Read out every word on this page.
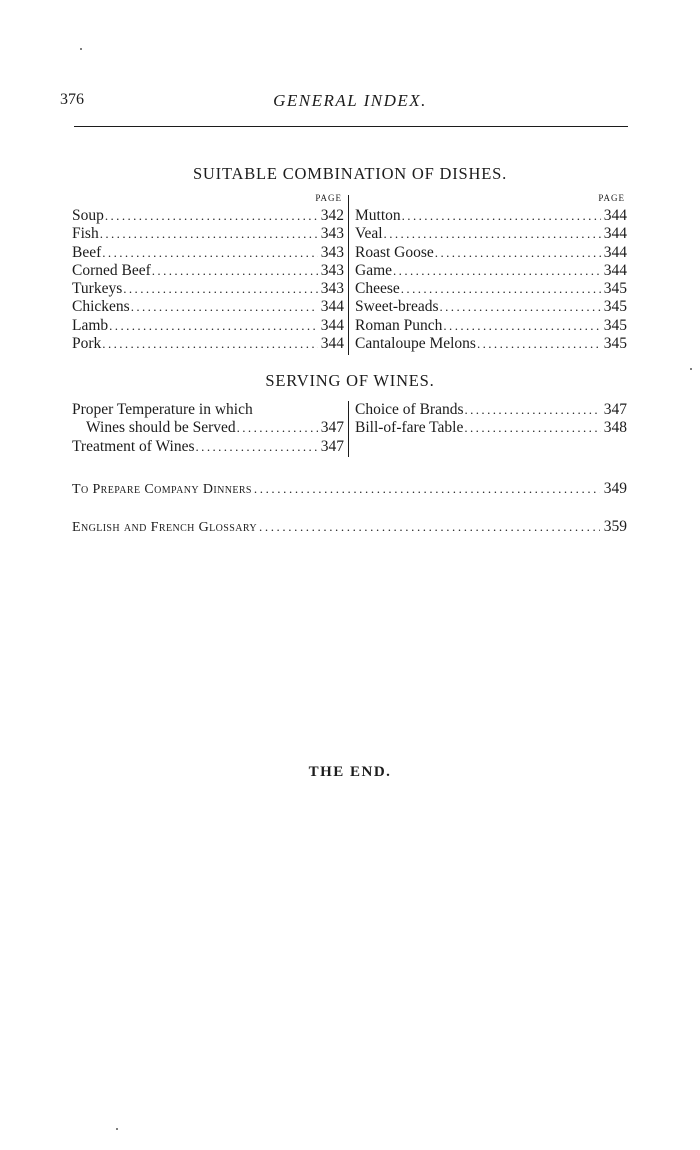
376	GENERAL INDEX.
SUITABLE COMBINATION OF DISHES.
PAGE
Soup .....	342
Fish .....	343
Beef .....	343
Corned Beef .....	343
Turkeys .....	343
Chickens .....	344
Lamb .....	344
Pork .....	344
PAGE
Mutton .....	344
Veal .....	344
Roast Goose .....	344
Game .....	344
Cheese .....	345
Sweet-breads .....	345
Roman Punch .....	345
Cantaloupe Melons .....	345
SERVING OF WINES.
Proper Temperature in which
Wines should be Served .....	347
Treatment of Wines .....	347
Choice of Brands .....	347
Bill-of-fare Table .....	348
To Prepare Company Dinners .....	349
English and French Glossary .....	359
THE END.
